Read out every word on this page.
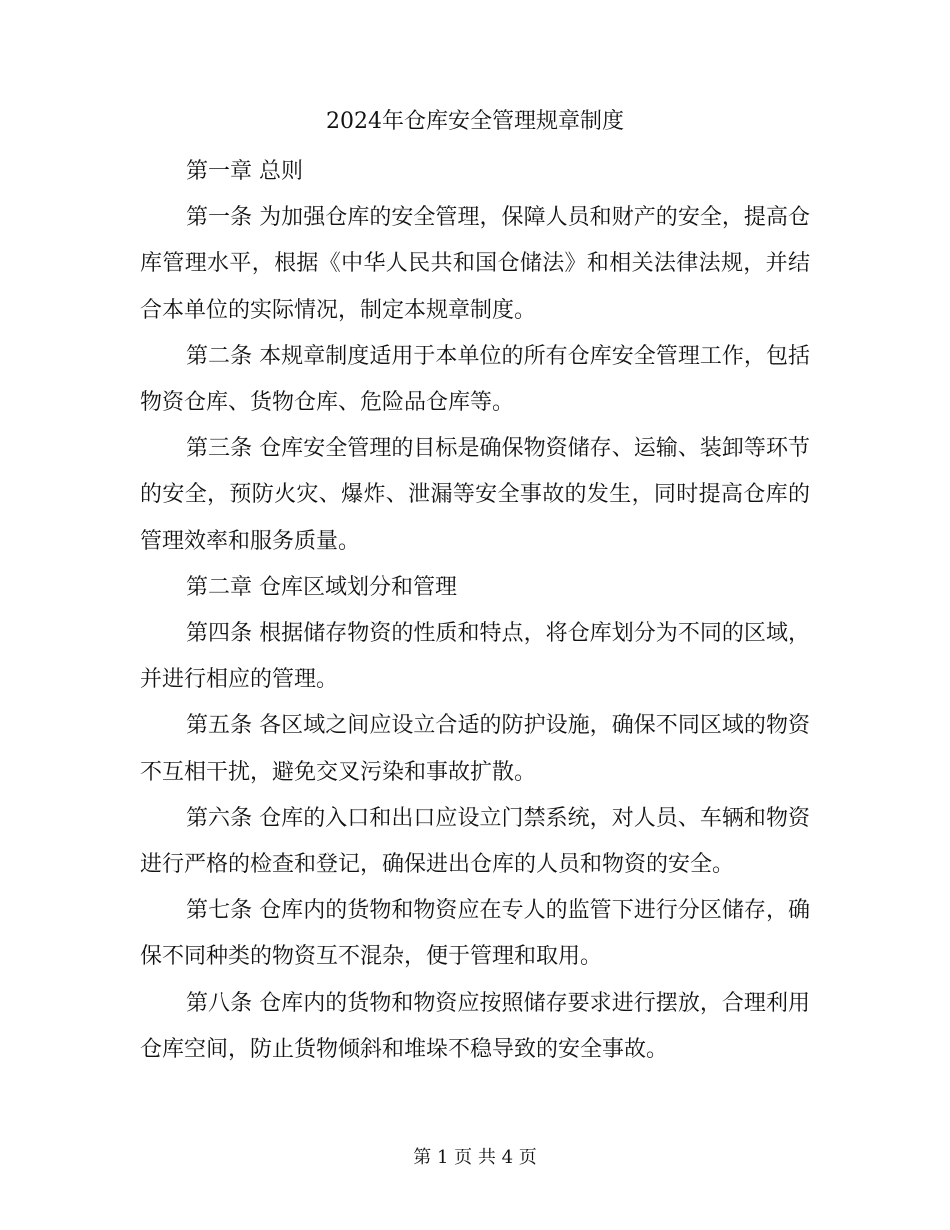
2024年仓库安全管理规章制度

第一章 总则

第一条 为加强仓库的安全管理，保障人员和财产的安全，提高仓库管理水平，根据《中华人民共和国仓储法》和相关法律法规，并结合本单位的实际情况，制定本规章制度。

第二条 本规章制度适用于本单位的所有仓库安全管理工作，包括物资仓库、货物仓库、危险品仓库等。

第三条 仓库安全管理的目标是确保物资储存、运输、装卸等环节的安全，预防火灾、爆炸、泄漏等安全事故的发生，同时提高仓库的管理效率和服务质量。

第二章 仓库区域划分和管理

第四条 根据储存物资的性质和特点，将仓库划分为不同的区域，并进行相应的管理。

第五条 各区域之间应设立合适的防护设施，确保不同区域的物资不互相干扰，避免交叉污染和事故扩散。

第六条 仓库的入口和出口应设立门禁系统，对人员、车辆和物资进行严格的检查和登记，确保进出仓库的人员和物资的安全。

第七条 仓库内的货物和物资应在专人的监管下进行分区储存，确保不同种类的物资互不混杂，便于管理和取用。

第八条 仓库内的货物和物资应按照储存要求进行摆放，合理利用仓库空间，防止货物倾斜和堆垛不稳导致的安全事故。

第 1 页 共 4 页
